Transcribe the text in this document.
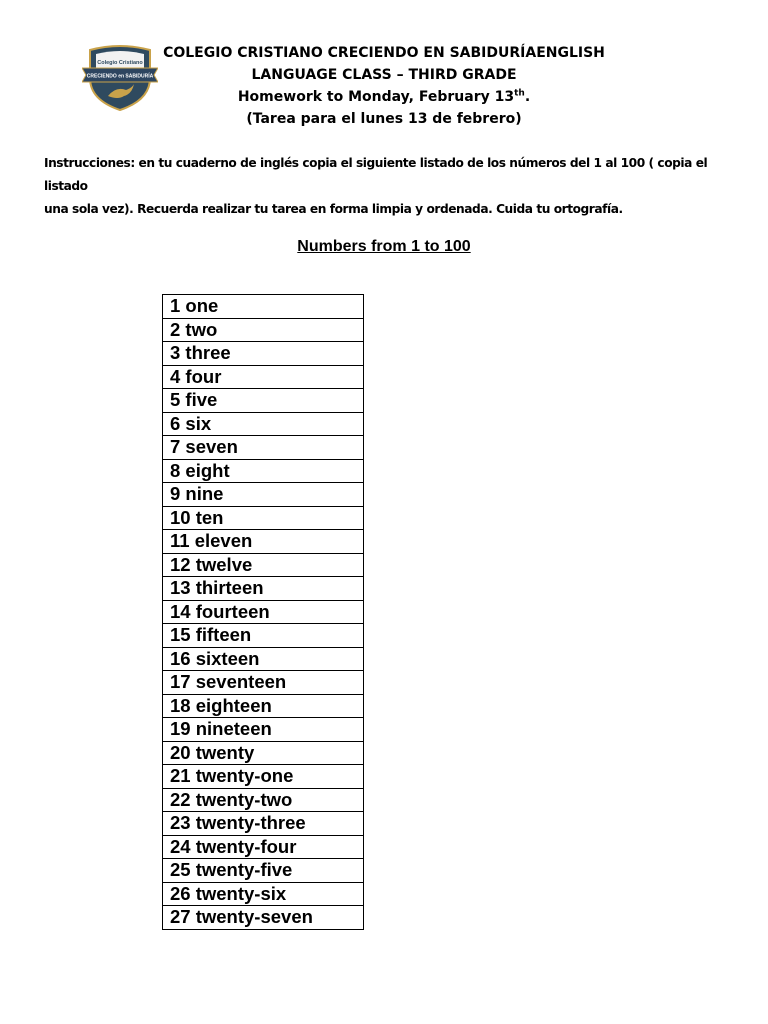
Colegio Cristiano
CRECIENDO en SABIDURÍA
COLEGIO CRISTIANO CRECIENDO EN SABIDURÍAENGLISH
LANGUAGE CLASS – THIRD GRADE
Homework to Monday, February 13th.
(Tarea para el lunes 13 de febrero)
Instrucciones: en tu cuaderno de inglés copia el siguiente listado de los números del 1 al 100 ( copia el listado
una sola vez). Recuerda realizar tu tarea en forma limpia y ordenada. Cuida tu ortografía.
Numbers from 1 to 100
1 one
2 two
3 three
4 four
5 five
6 six
7 seven
8 eight
9 nine
10 ten
11 eleven
12 twelve
13 thirteen
14 fourteen
15 fifteen
16 sixteen
17 seventeen
18 eighteen
19 nineteen
20 twenty
21 twenty-one
22 twenty-two
23 twenty-three
24 twenty-four
25 twenty-five
26 twenty-six
27 twenty-seven
